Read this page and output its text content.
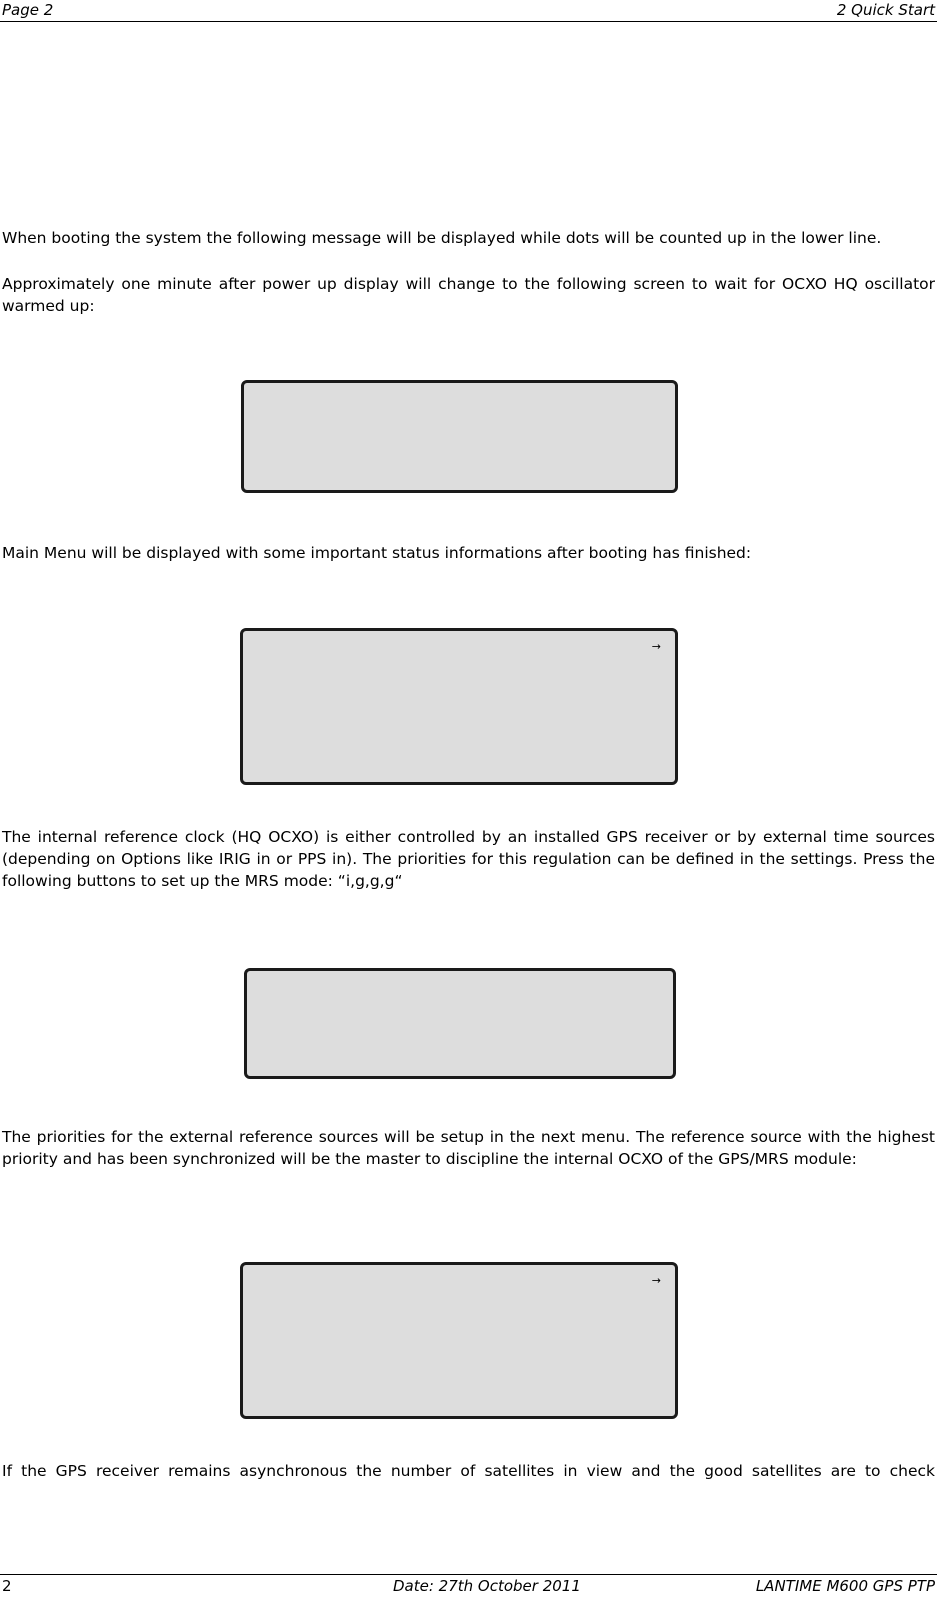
Page 2	2 Quick Start
When booting the system the following message will be displayed while dots will be counted up in the lower line.
Approximately one minute after power up display will change to the following screen to wait for OCXO HQ oscillator warmed up:
Main Menu will be displayed with some important status informations after booting has finished:
→
The internal reference clock (HQ OCXO) is either controlled by an installed GPS receiver or by external time sources (depending on Options like IRIG in or PPS in). The priorities for this regulation can be defined in the settings. Press the following buttons to set up the MRS mode: “i,g,g,g“
The priorities for the external reference sources will be setup in the next menu. The reference source with the highest priority and has been synchronized will be the master to discipline the internal OCXO of the GPS/MRS module:
→
If the GPS receiver remains asynchronous the number of satellites in view and the good satellites are to check
2	Date: 27th October 2011	LANTIME M600 GPS PTP
